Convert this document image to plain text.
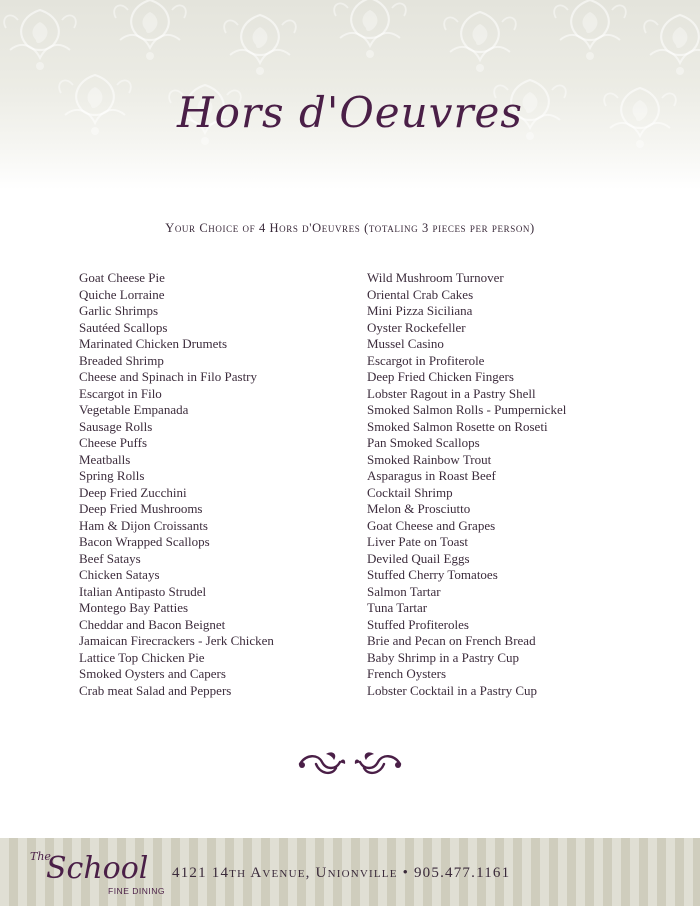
Hors d'Oeuvres
Your Choice of 4 Hors d'Oeuvres (totaling 3 pieces per person)
Goat Cheese Pie
Quiche Lorraine
Garlic Shrimps
Sautéed Scallops
Marinated Chicken Drumets
Breaded Shrimp
Cheese and Spinach in Filo Pastry
Escargot in Filo
Vegetable Empanada
Sausage Rolls
Cheese Puffs
Meatballs
Spring Rolls
Deep Fried Zucchini
Deep Fried Mushrooms
Ham & Dijon Croissants
Bacon Wrapped Scallops
Beef Satays
Chicken Satays
Italian Antipasto Strudel
Montego Bay Patties
Cheddar and Bacon Beignet
Jamaican Firecrackers - Jerk Chicken
Lattice Top Chicken Pie
Smoked Oysters and Capers
Crab meat Salad and Peppers
Wild Mushroom Turnover
Oriental Crab Cakes
Mini Pizza Siciliana
Oyster Rockefeller
Mussel Casino
Escargot in Profiterole
Deep Fried Chicken Fingers
Lobster Ragout in a Pastry Shell
Smoked Salmon Rolls - Pumpernickel
Smoked Salmon Rosette on Roseti
Pan Smoked Scallops
Smoked Rainbow Trout
Asparagus in Roast Beef
Cocktail Shrimp
Melon & Prosciutto
Goat Cheese and Grapes
Liver Pate on Toast
Deviled Quail Eggs
Stuffed Cherry Tomatoes
Salmon Tartar
Tuna Tartar
Stuffed Profiteroles
Brie and Pecan on French Bread
Baby Shrimp in a Pastry Cup
French Oysters
Lobster Cocktail in a Pastry Cup
The
School
FINE DINING
4121 14th Avenue, Unionville • 905.477.1161
